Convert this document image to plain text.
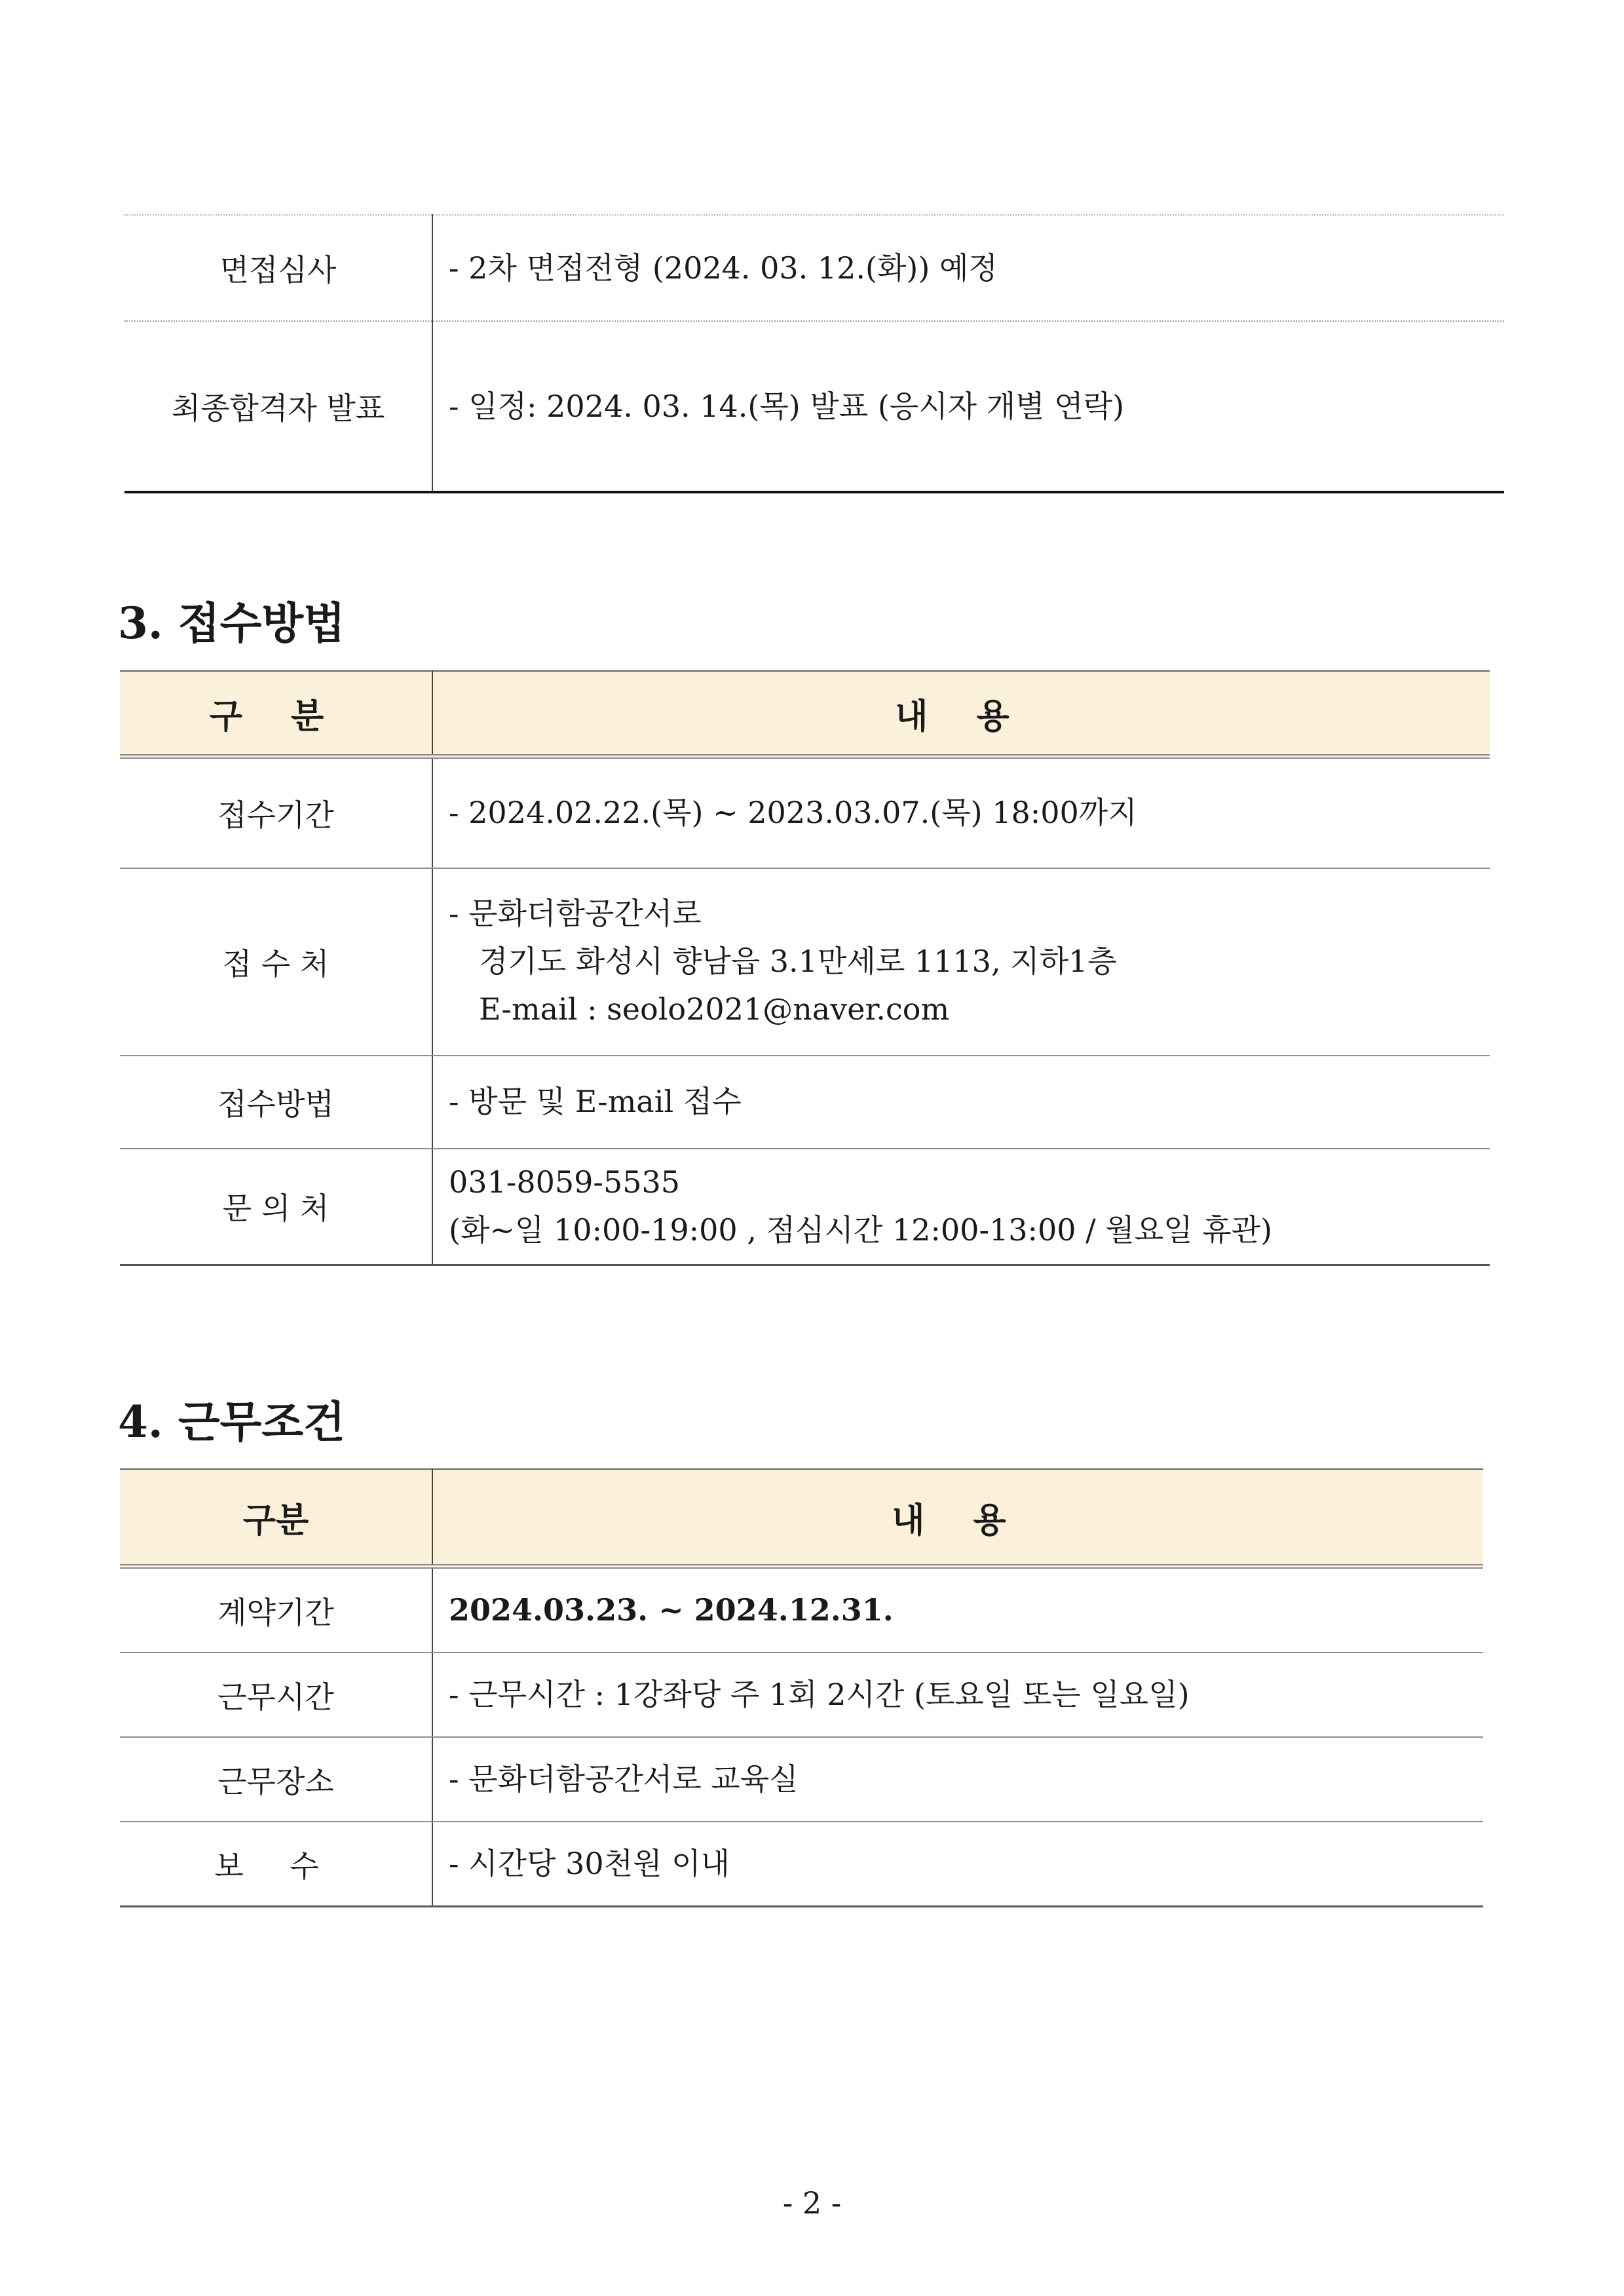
면접심사	- 2차 면접전형 (2024. 03. 12.(화)) 예정

최종합격자 발표	- 일정: 2024. 03. 14.(목) 발표 (응시자 개별 연락)
3. 접수방법
구 분	내 용
접수기간	- 2024.02.22.(목) ~ 2023.03.07.(목) 18:00까지

접 수 처	- 문화더함공간서로
경기도 화성시 향남읍 3.1만세로 1113, 지하1층
E-mail : seolo2021@naver.com

접수방법	- 방문 및 E-mail 접수

문 의 처	031-8059-5535
(화~일 10:00-19:00 , 점심시간 12:00-13:00 / 월요일 휴관)
4. 근무조건
구분	내 용
계약기간	2024.03.23. ~ 2024.12.31.

근무시간	- 근무시간 : 1강좌당 주 1회 2시간 (토요일 또는 일요일)

근무장소	- 문화더함공간서로 교육실

보 수	- 시간당 30천원 이내
- 2 -
